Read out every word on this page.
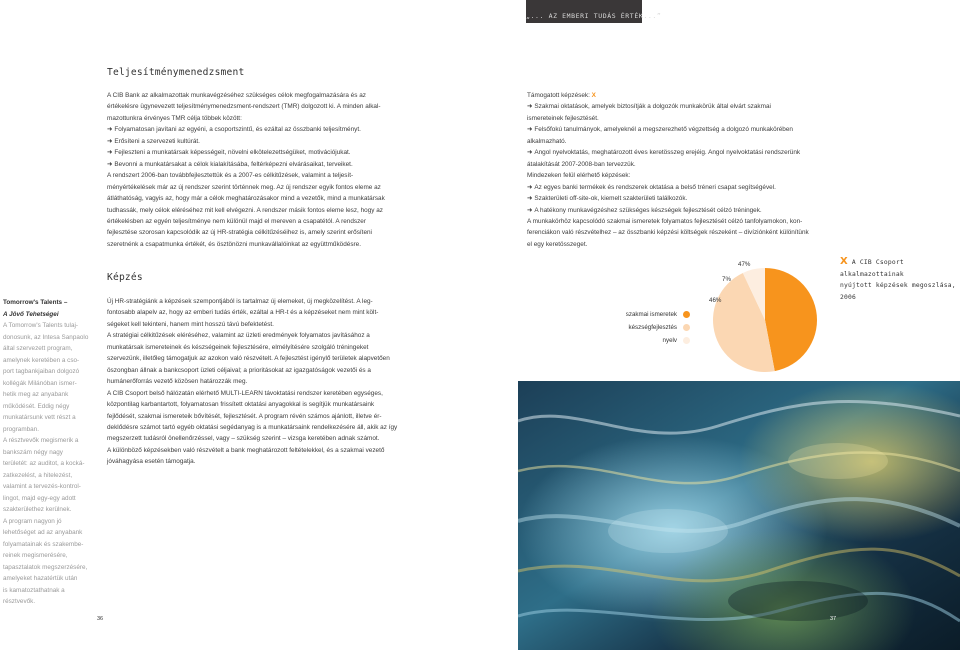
„... AZ EMBERI TUDÁS ÉRTÉK...”
Teljesítménymenedzsment
Képzés

A CIB Bank az alkalmazottak munkavégzéséhez szükséges célok megfogalmazására és az

értékelésre ügynevezett teljesítménymenedzsment-rendszert (TMR) dolgozott ki. A minden alkal-

mazottunkra érvényes TMR célja többek között:

➜ Folyamatosan javítani az egyéni, a csoportszintű, és ezáltal az összbanki teljesítményt.

➜ Erősíteni a szervezeti kultúrát.

➜ Fejleszteni a munkatársak képességeit, növelni elkötelezettségüket, motivációjukat.

➜ Bevonni a munkatársakat a célok kialakításába, feltérképezni elvárásaikat, terveiket.

A rendszert 2006-ban továbbfejlesztettük és a 2007-es célkitűzések, valamint a teljesít-

ményértékelések már az új rendszer szerint történnek meg. Az új rendszer egyik fontos eleme az

átláthatóság, vagyis az, hogy már a célok meghatározásakor mind a vezetők, mind a munkatársak

tudhassák, mely célok eléréséhez mit kell elvégezni. A rendszer másik fontos eleme lesz, hogy az

értékelésben az egyén teljesítménye nem különül majd el mereven a csapatétól. A rendszer

fejlesztése szorosan kapcsolódik az új HR-stratégia célkitűzéséihez is, amely szerint erősíteni

szeretnénk a csapatmunka értékét, és ösztönözni munkavállalóinkat az együttműködésre.

Új HR-stratégiánk a képzések szempontjából is tartalmaz új elemeket, új megközelítést. A leg-

fontosabb alapelv az, hogy az emberi tudás érték, ezáltal a HR-t és a képzéseket nem mint költ-

ségeket kell tekinteni, hanem mint hosszú távú befektetést.

A stratégiai célkitűzések eléréséhez, valamint az üzleti eredmények folyamatos javításához a

munkatársak ismereteinek és készségeinek fejlesztésére, elmélyítésére szolgáló tréningeket

szervezünk, illetőleg támogatjuk az azokon való részvételt. A fejlesztést igénylő területek alapvetően

öszongban állnak a bankcsoport üzleti céljaival; a prioritásokat az igazgatóságok vezetői és a

humánerőforrás vezető közösen határozzák meg.

A CIB Csoport belső hálózatán elérhető MULTI-LEARN távoktatási rendszer keretében egységes,

központilag karbantartott, folyamatosan frissített oktatási anyagokkal is segítjük munkatársaink

fejlődését, szakmai ismereteik bővítését, fejlesztését. A program révén számos ajánlott, illetve ér-

deklődésre számot tartó egyéb oktatási segédanyag is a munkatársaink rendelkezésére áll, akik az így

megszerzett tudásról önellenőrzéssel, vagy – szükség szerint – vizsga keretében adnak számot.

A különböző képzésekben való részvételt a bank meghatározott feltételekkel, és a szakmai vezető

jóváhagyása esetén támogatja.

Támogatott képzések: X

➜ Szakmai oktatások, amelyek biztosítják a dolgozók munkakörük által elvárt szakmai

ismereteinek fejlesztését.

➜ Felsőfokú tanulmányok, amelyeknél a megszerezhető végzettség a dolgozó munkakörében

alkalmazható.

➜ Angol nyelvoktatás, meghatározott éves keretösszeg erejéig. Angol nyelvoktatási rendszerünk

átalakítását 2007-2008-ban tervezzük.

Mindezeken felül elérhető képzések:

➜ Az egyes banki termékek és rendszerek oktatása a belső tréneri csapat segítségével.

➜ Szakterületi off-site-ok, kiemelt szakterületi találkozók.

➜ A hatékony munkavégzéshez szükséges készségek fejlesztését célzó tréningek.

A munkakörhöz kapcsolódó szakmai ismeretek folyamatos fejlesztését célzó tanfolyamokon, kon-

ferenciákon való részvételhez – az összbanki képzési költségek részeként – divíziónként különítünk

el egy keretösszeget.

Tomorrow's Talents –
A Jövő Tehetségei
A Tomorrow's Talents tulaj-
donosunk, az Intesa Sanpaolo
által szervezett program,
amelynek keretében a cso-
port tagbankjaiban dolgozó
kollégák Milánóban ismer-
hetik meg az anyabank
működését. Eddig négy
munkatársunk vett részt a
programban.
A résztvevők megismerik a
bankszám négy nagy
területét: az auditot, a kocká-
zatkezelést, a hitelezést,
valamint a tervezés-kontrol-
lingot, majd egy-egy adott
szakterülethez kerülnek.
A program nagyon jó
lehetőséget ad az anyabank
folyamatainak és szakembe-
reinek megismerésére,
tapasztalatok megszerzésére,
amelyeket hazatértük után
is kamatoztathatnak a
résztvevők.
X A CIB Csoport alkalmazottainak
nyújtott képzések megoszlása,
2006
szakmai ismeretek
készségfejlesztés
nyelv
47%
46%
7%
36	37
